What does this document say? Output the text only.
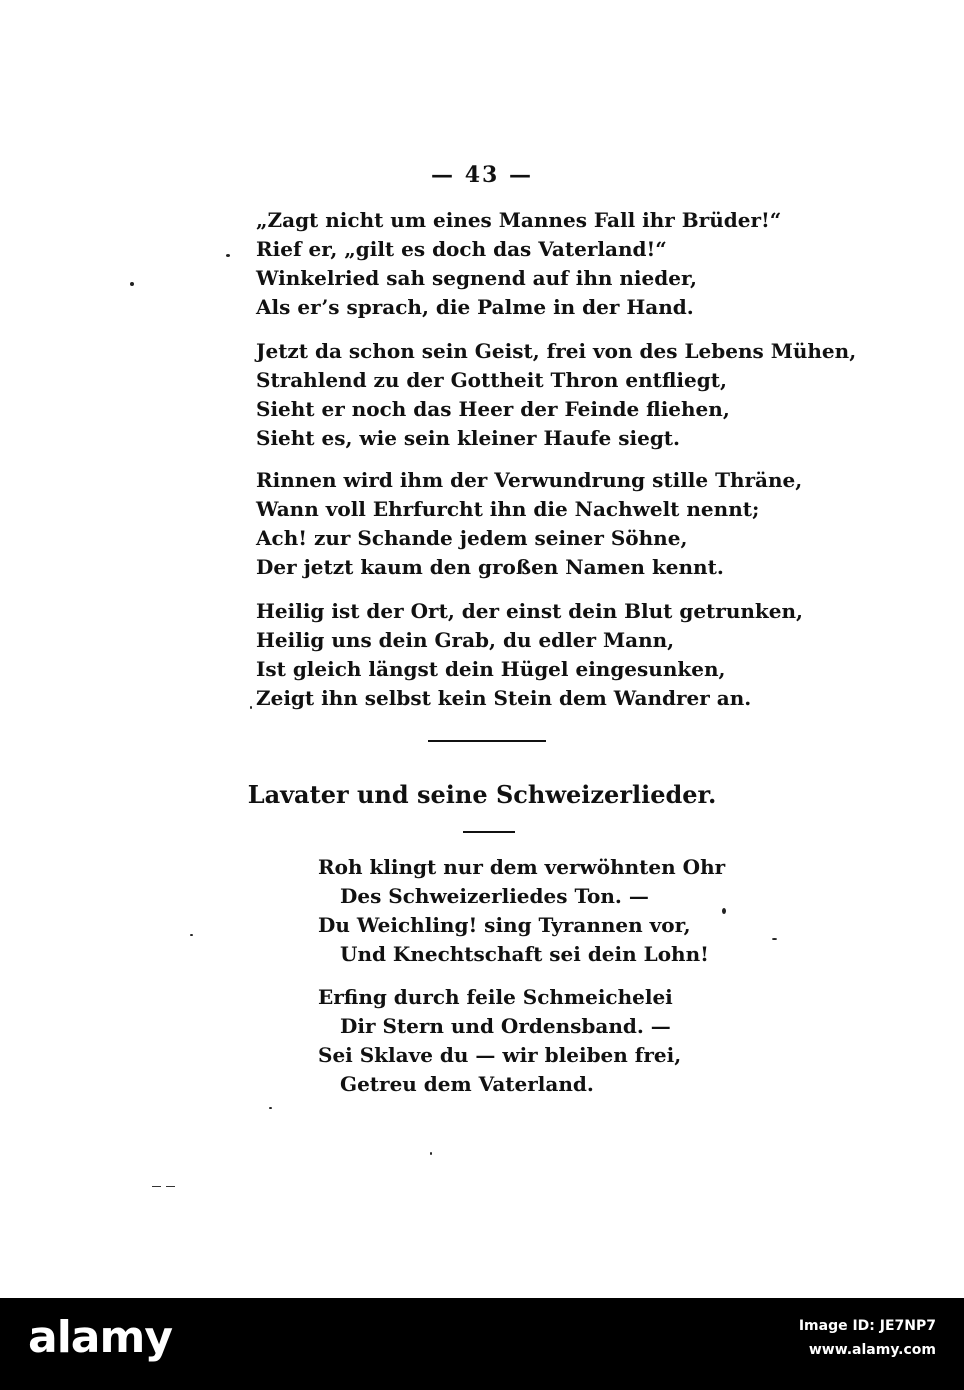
— 43 —
„Zagt nicht um eines Mannes Fall ihr Brüder!“
Rief er, „gilt es doch das Vaterland!“
Winkelried sah segnend auf ihn nieder,
Als er’s sprach, die Palme in der Hand.
Jetzt da schon sein Geist, frei von des Lebens Mühen,
Strahlend zu der Gottheit Thron entfliegt,
Sieht er noch das Heer der Feinde fliehen,
Sieht es, wie sein kleiner Haufe siegt.
Rinnen wird ihm der Verwundrung stille Thräne,
Wann voll Ehrfurcht ihn die Nachwelt nennt;
Ach! zur Schande jedem seiner Söhne,
Der jetzt kaum den großen Namen kennt.
Heilig ist der Ort, der einst dein Blut getrunken,
Heilig uns dein Grab, du edler Mann,
Ist gleich längst dein Hügel eingesunken,
Zeigt ihn selbst kein Stein dem Wandrer an.
Lavater und seine Schweizerlieder.
Roh klingt nur dem verwöhnten Ohr
Des Schweizerliedes Ton. —
Du Weichling! sing Tyrannen vor,
Und Knechtschaft sei dein Lohn!
Erfing durch feile Schmeichelei
Dir Stern und Ordensband. —
Sei Sklave du — wir bleiben frei,
Getreu dem Vaterland.
alamy	Image ID: JE7NP7
www.alamy.com
